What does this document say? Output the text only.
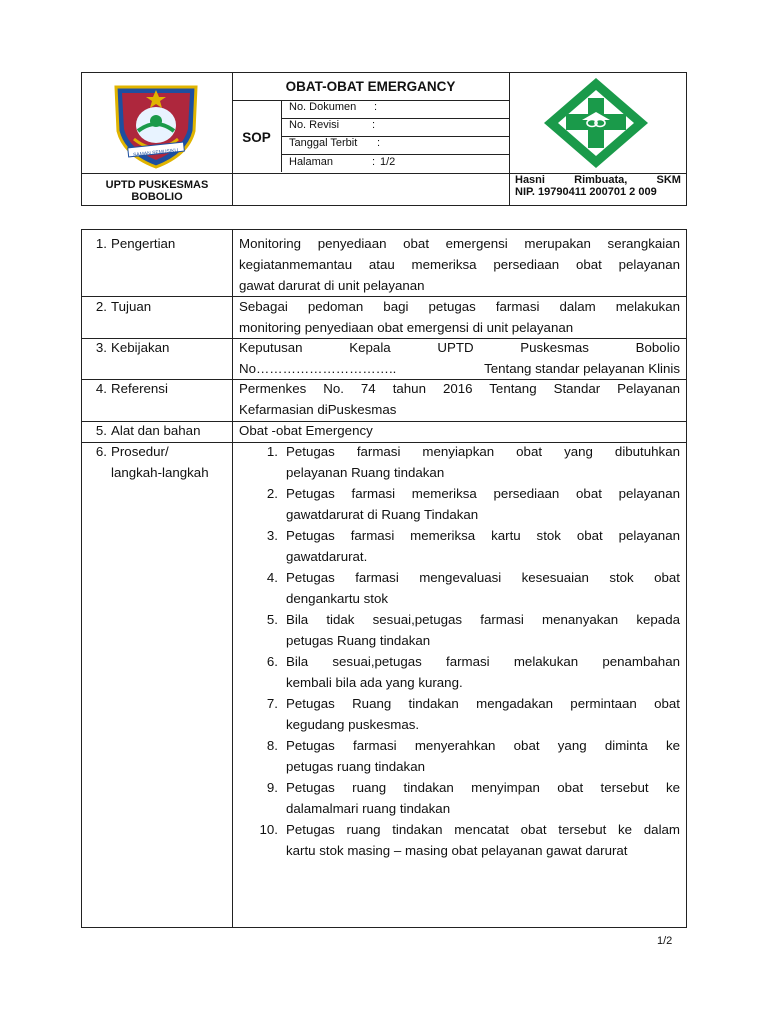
SAMAN SEMUSIKU
OBAT-OBAT EMERGANCY
SOP
No. Dokumen :
No. Revisi	:
Tanggal Terbit :
Halaman	: 1/2
UPTD PUSKESMAS
BOBOLIO
Hasni	Rimbuata,	SKM
NIP. 19790411 200701 2 009
1. Pengertian	Monitoring penyediaan obat emergensi merupakan serangkaian
kegiatanmemantau atau memeriksa persediaan obat pelayanan
gawat darurat di unit pelayanan
2. Tujuan	Sebagai pedoman bagi petugas farmasi dalam melakukan
monitoring penyediaan obat emergensi di unit pelayanan
3. Kebijakan	Keputusan Kepala UPTD Puskesmas Bobolio
No…………………………..	Tentang standar pelayanan Klinis
4. Referensi	Permenkes No. 74 tahun 2016 Tentang Standar Pelayanan
Kefarmasian diPuskesmas
5. Alat dan bahan	Obat -obat Emergency
6. Prosedur/
langkah-langkah
1. Petugas farmasi menyiapkan obat yang dibutuhkan
pelayanan Ruang tindakan
2. Petugas farmasi memeriksa persediaan obat pelayanan
gawatdarurat di Ruang Tindakan
3. Petugas farmasi memeriksa kartu stok obat pelayanan
gawatdarurat.
4. Petugas farmasi mengevaluasi kesesuaian stok obat
dengankartu stok
5. Bila tidak sesuai,petugas farmasi menanyakan kepada
petugas Ruang tindakan
6. Bila sesuai,petugas farmasi melakukan penambahan
kembali bila ada yang kurang.
7. Petugas Ruang tindakan mengadakan permintaan obat
kegudang puskesmas.
8. Petugas farmasi menyerahkan obat yang diminta ke
petugas ruang tindakan
9. Petugas ruang tindakan menyimpan obat tersebut ke
dalamalmari ruang tindakan
10. Petugas ruang tindakan mencatat obat tersebut ke dalam
kartu stok masing – masing obat pelayanan gawat darurat
1/2
